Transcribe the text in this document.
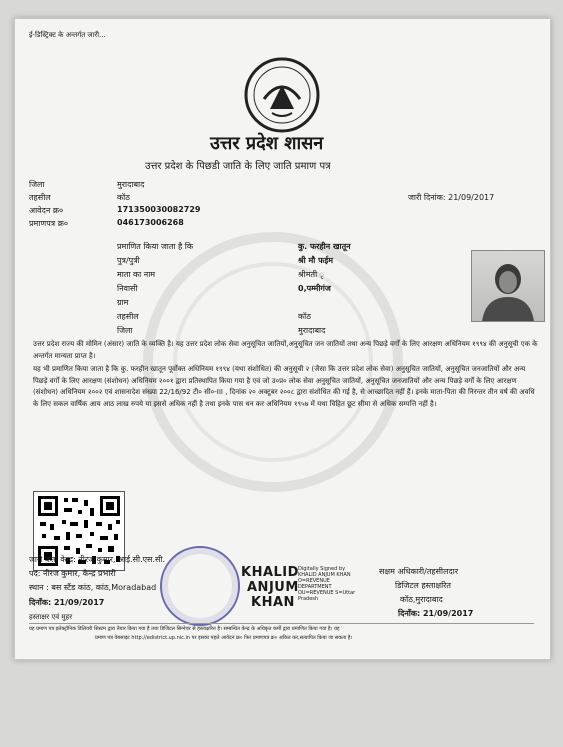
ई-डिस्ट्रिक्ट के अन्तर्गत जारी...
उत्तर प्रदेश शासन
उत्तर प्रदेश के पिछडी जाति के लिए जाति प्रमाण पत्र
जिला	मुरादाबाद
तहसील	कॉठ	जारी दिनांक: 21/09/2017
आवेदन क्र०	171350030082729
प्रमाणपत्र क्र०	046173006268
प्रमाणित किया जाता है कि	कु. फरहीन खातून
पुत्र/पुत्री	श्री मौ फईम
माता का नाम	श्रीमती ृ
निवासी	0,पम्मीगंज
ग्राम
तहसील	कॉठ
जिला	मुरादाबाद
उत्तर प्रदेश राज्य की मोमिन (अंसार) जाति के व्यक्ति है। यह उत्तर प्रदेश लोक सेवा अनुसूचित जातियों,अनुसूचित जन जातियों तथा अन्य पिछड़े वर्गों के लिए आरक्षण अधिनियम १९९४ की अनुसूची एक के अन्तर्गत मान्यता प्राप्त है।
यह भी प्रमाणित किया जाता है कि कु. फरहीन खातून पूर्वोक्त अधिनियम १९९४ (यथा संशोधित) की अनुसूची २ (जैसा कि उत्तर प्रदेश लोक सेवा) अनुसूचित जातियों, अनुसूचित जनजातियों और अन्य पिछड़े वर्गों के लिए आरक्षण (संशोधन) अधिनियम २००१ द्वारा प्रतिस्थापित किया गया है एवं जो उ०प्र० लोक सेवा अनुसूचित जातियों, अनुसूचित जनजातियों और अन्य पिछड़े वर्गों के लिए आरक्षण (संशोधन) अधिनियम २००२ एवं शासनादेश संख्या 22/16/92 टी० सी०-III , दिनांक २० अक्टूबर २००८ द्वारा संशोधित की गई है, से आच्छादित नहीं हैं। इनके माता-पिता की निरन्तर तीन वर्ष की अवधि के लिए सकल वार्षिक आय आठ लाख रुपये या इससे अधिक नहीं है तथा इनके पास धन कर अधिनियम १९५७ में यथा विहित छूट सीमा से अधिक सम्पत्ति नहीं है।
जारी कर्ता केन्द्र: नीरज कुमार, आई.सी.एस.सी.
पद: नीरज कुमार, केन्द्र प्रभारी
स्थान : बस स्टैंड कांठ, कांठ,Moradabad
दिनाँक: 21/09/2017
हस्ताक्षर एवं मुहर
KHALID
ANJUM
KHAN
Digitally Signed by KHALID ANJUM KHAN O=REVENUE DEPARTMENT OU=REVENUE S=Uttar Pradesh
सक्षम अधिकारी/तहसीलदार
डिजिटल हस्ताक्षरित
कॉठ,मुरादाबाद
दिनाँक: 21/09/2017
यह प्रमाण पत्र इलेक्ट्रॉनिक डिलिवरी सिस्टम द्वारा तैयार किया गया है तथा डिजिटल सिग्नेचर से हस्ताक्षरित है। सम्बन्धित केन्द्र के अधिकृत कर्मी द्वारा प्रमाणित किया गया है। यह
प्रमाण पत्र वेबसाइट http://edistrict.up.nic.in पर इसका पहले आवेदन क्र० फिर प्रमाणपत्र क्र० अंकित कर,सत्यापित किया जा सकता है।
